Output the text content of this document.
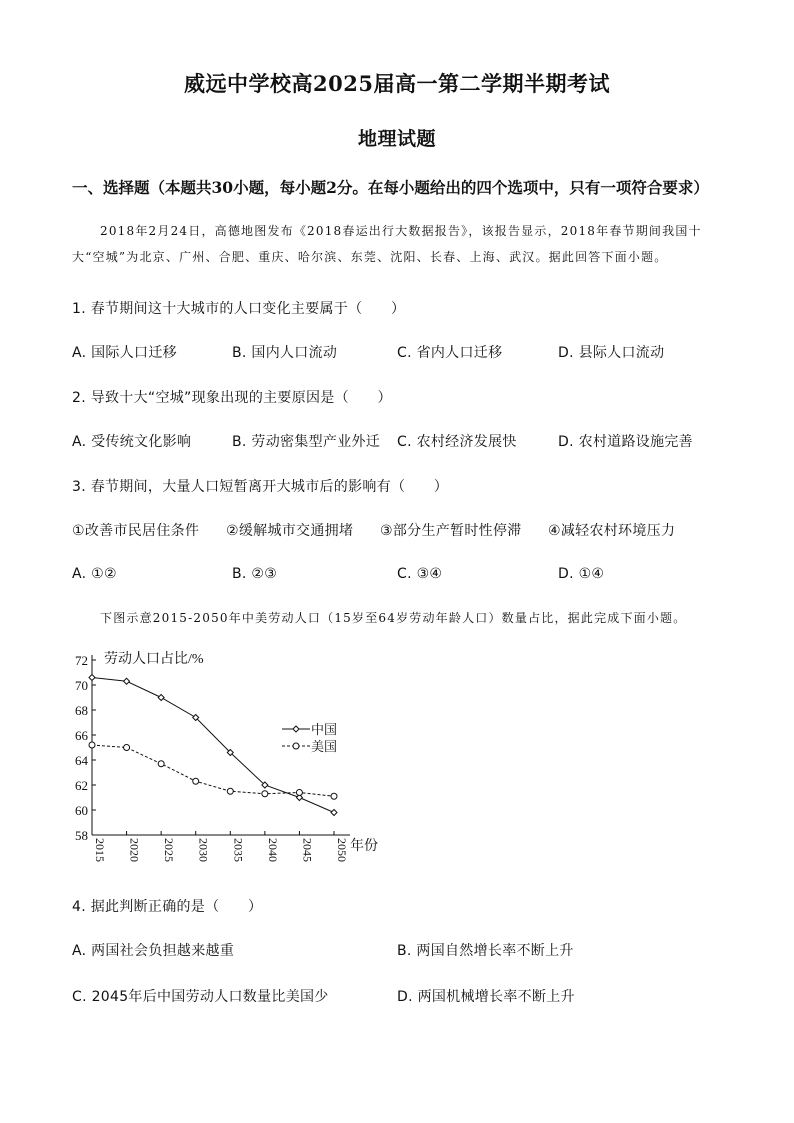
威远中学校高2025届高一第二学期半期考试
地理试题
一、选择题（本题共30小题，每小题2分。在每小题给出的四个选项中，只有一项符合要求）
2018年2月24日，高德地图发布《2018春运出行大数据报告》，该报告显示，2018年春节期间我国十大“空城”为北京、广州、合肥、重庆、哈尔滨、东莞、沈阳、长春、上海、武汉。据此回答下面小题。
1. 春节期间这十大城市的人口变化主要属于（　　）
A. 国际人口迁移	B. 国内人口流动	C. 省内人口迁移	D. 县际人口流动
2. 导致十大“空城”现象出现的主要原因是（　　）
A. 受传统文化影响	B. 劳动密集型产业外迁 C. 农村经济发展快	D. 农村道路设施完善
3. 春节期间，大量人口短暂离开大城市后的影响有（　　）
①改善市民居住条件 ②缓解城市交通拥堵 ③部分生产暂时性停滞 ④减轻农村环境压力
A. ①②	B. ②③	C. ③④	D. ①④
下图示意2015-2050年中美劳动人口（15岁至64岁劳动年龄人口）数量占比，据此完成下面小题。
58
60
62
64
66
68
70
72
2015 2020 2025 2030 2035 2040 2045 2050
劳动人口占比/%
年份
中国
美国
4. 据此判断正确的是（　　）
A. 两国社会负担越来越重	B. 两国自然增长率不断上升
C. 2045年后中国劳动人口数量比美国少	D. 两国机械增长率不断上升
